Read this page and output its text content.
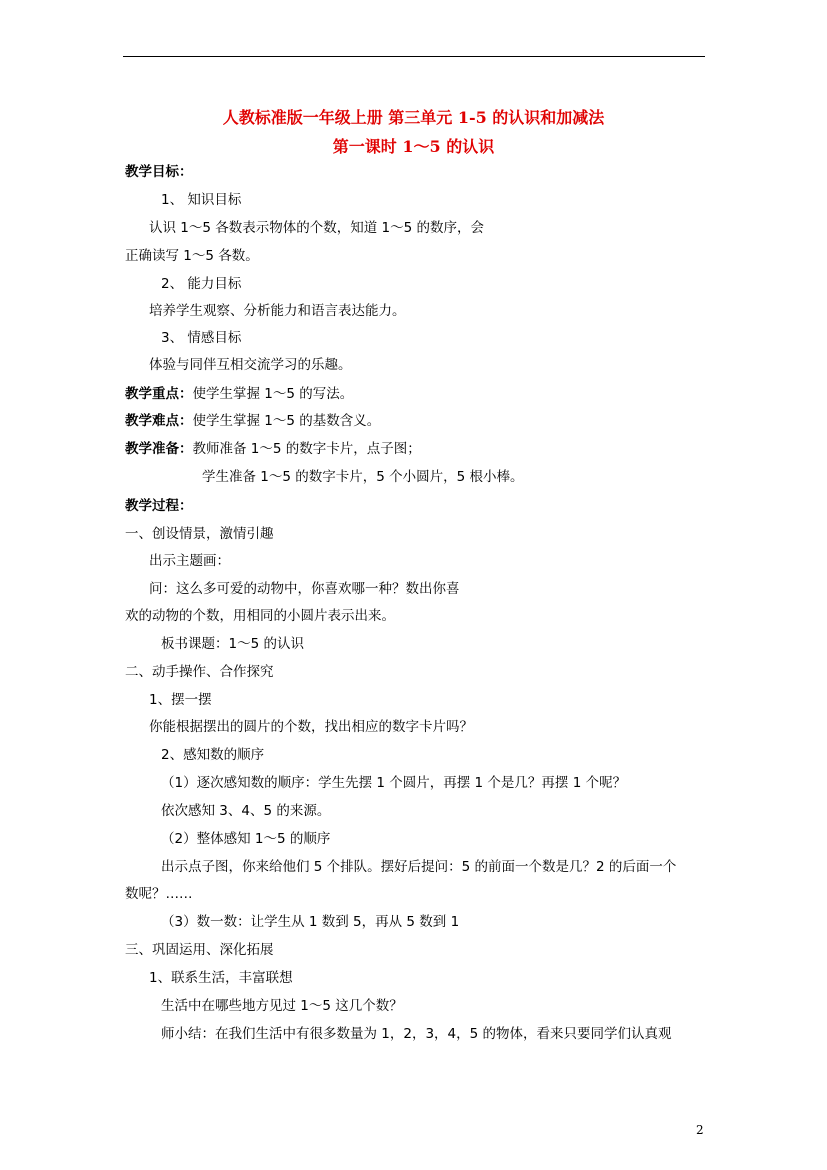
人教标准版一年级上册 第三单元 1-5 的认识和加减法
第一课时 1～5 的认识
教学目标：
1、 知识目标
认识 1～5 各数表示物体的个数，知道 1～5 的数序，会
正确读写 1～5 各数。
2、 能力目标
培养学生观察、分析能力和语言表达能力。
3、 情感目标
体验与同伴互相交流学习的乐趣。
教学重点：使学生掌握 1～5 的写法。
教学难点：使学生掌握 1～5 的基数含义。
教学准备：教师准备 1～5 的数字卡片，点子图；
学生准备 1～5 的数字卡片，5 个小圆片，5 根小棒。
教学过程：
一、创设情景，激情引趣
出示主题画：
问：这么多可爱的动物中，你喜欢哪一种？数出你喜
欢的动物的个数，用相同的小圆片表示出来。
板书课题：1～5 的认识
二、动手操作、合作探究
1、摆一摆
你能根据摆出的圆片的个数，找出相应的数字卡片吗？
2、感知数的顺序
（1）逐次感知数的顺序：学生先摆 1 个圆片，再摆 1 个是几？再摆 1 个呢？
依次感知 3、4、5 的来源。
（2）整体感知 1～5 的顺序
出示点子图，你来给他们 5 个排队。摆好后提问：5 的前面一个数是几？2 的后面一个
数呢？……
（3）数一数：让学生从 1 数到 5，再从 5 数到 1
三、巩固运用、深化拓展
1、联系生活，丰富联想
生活中在哪些地方见过 1～5 这几个数？
师小结：在我们生活中有很多数量为 1，2，3，4，5 的物体，看来只要同学们认真观
2
